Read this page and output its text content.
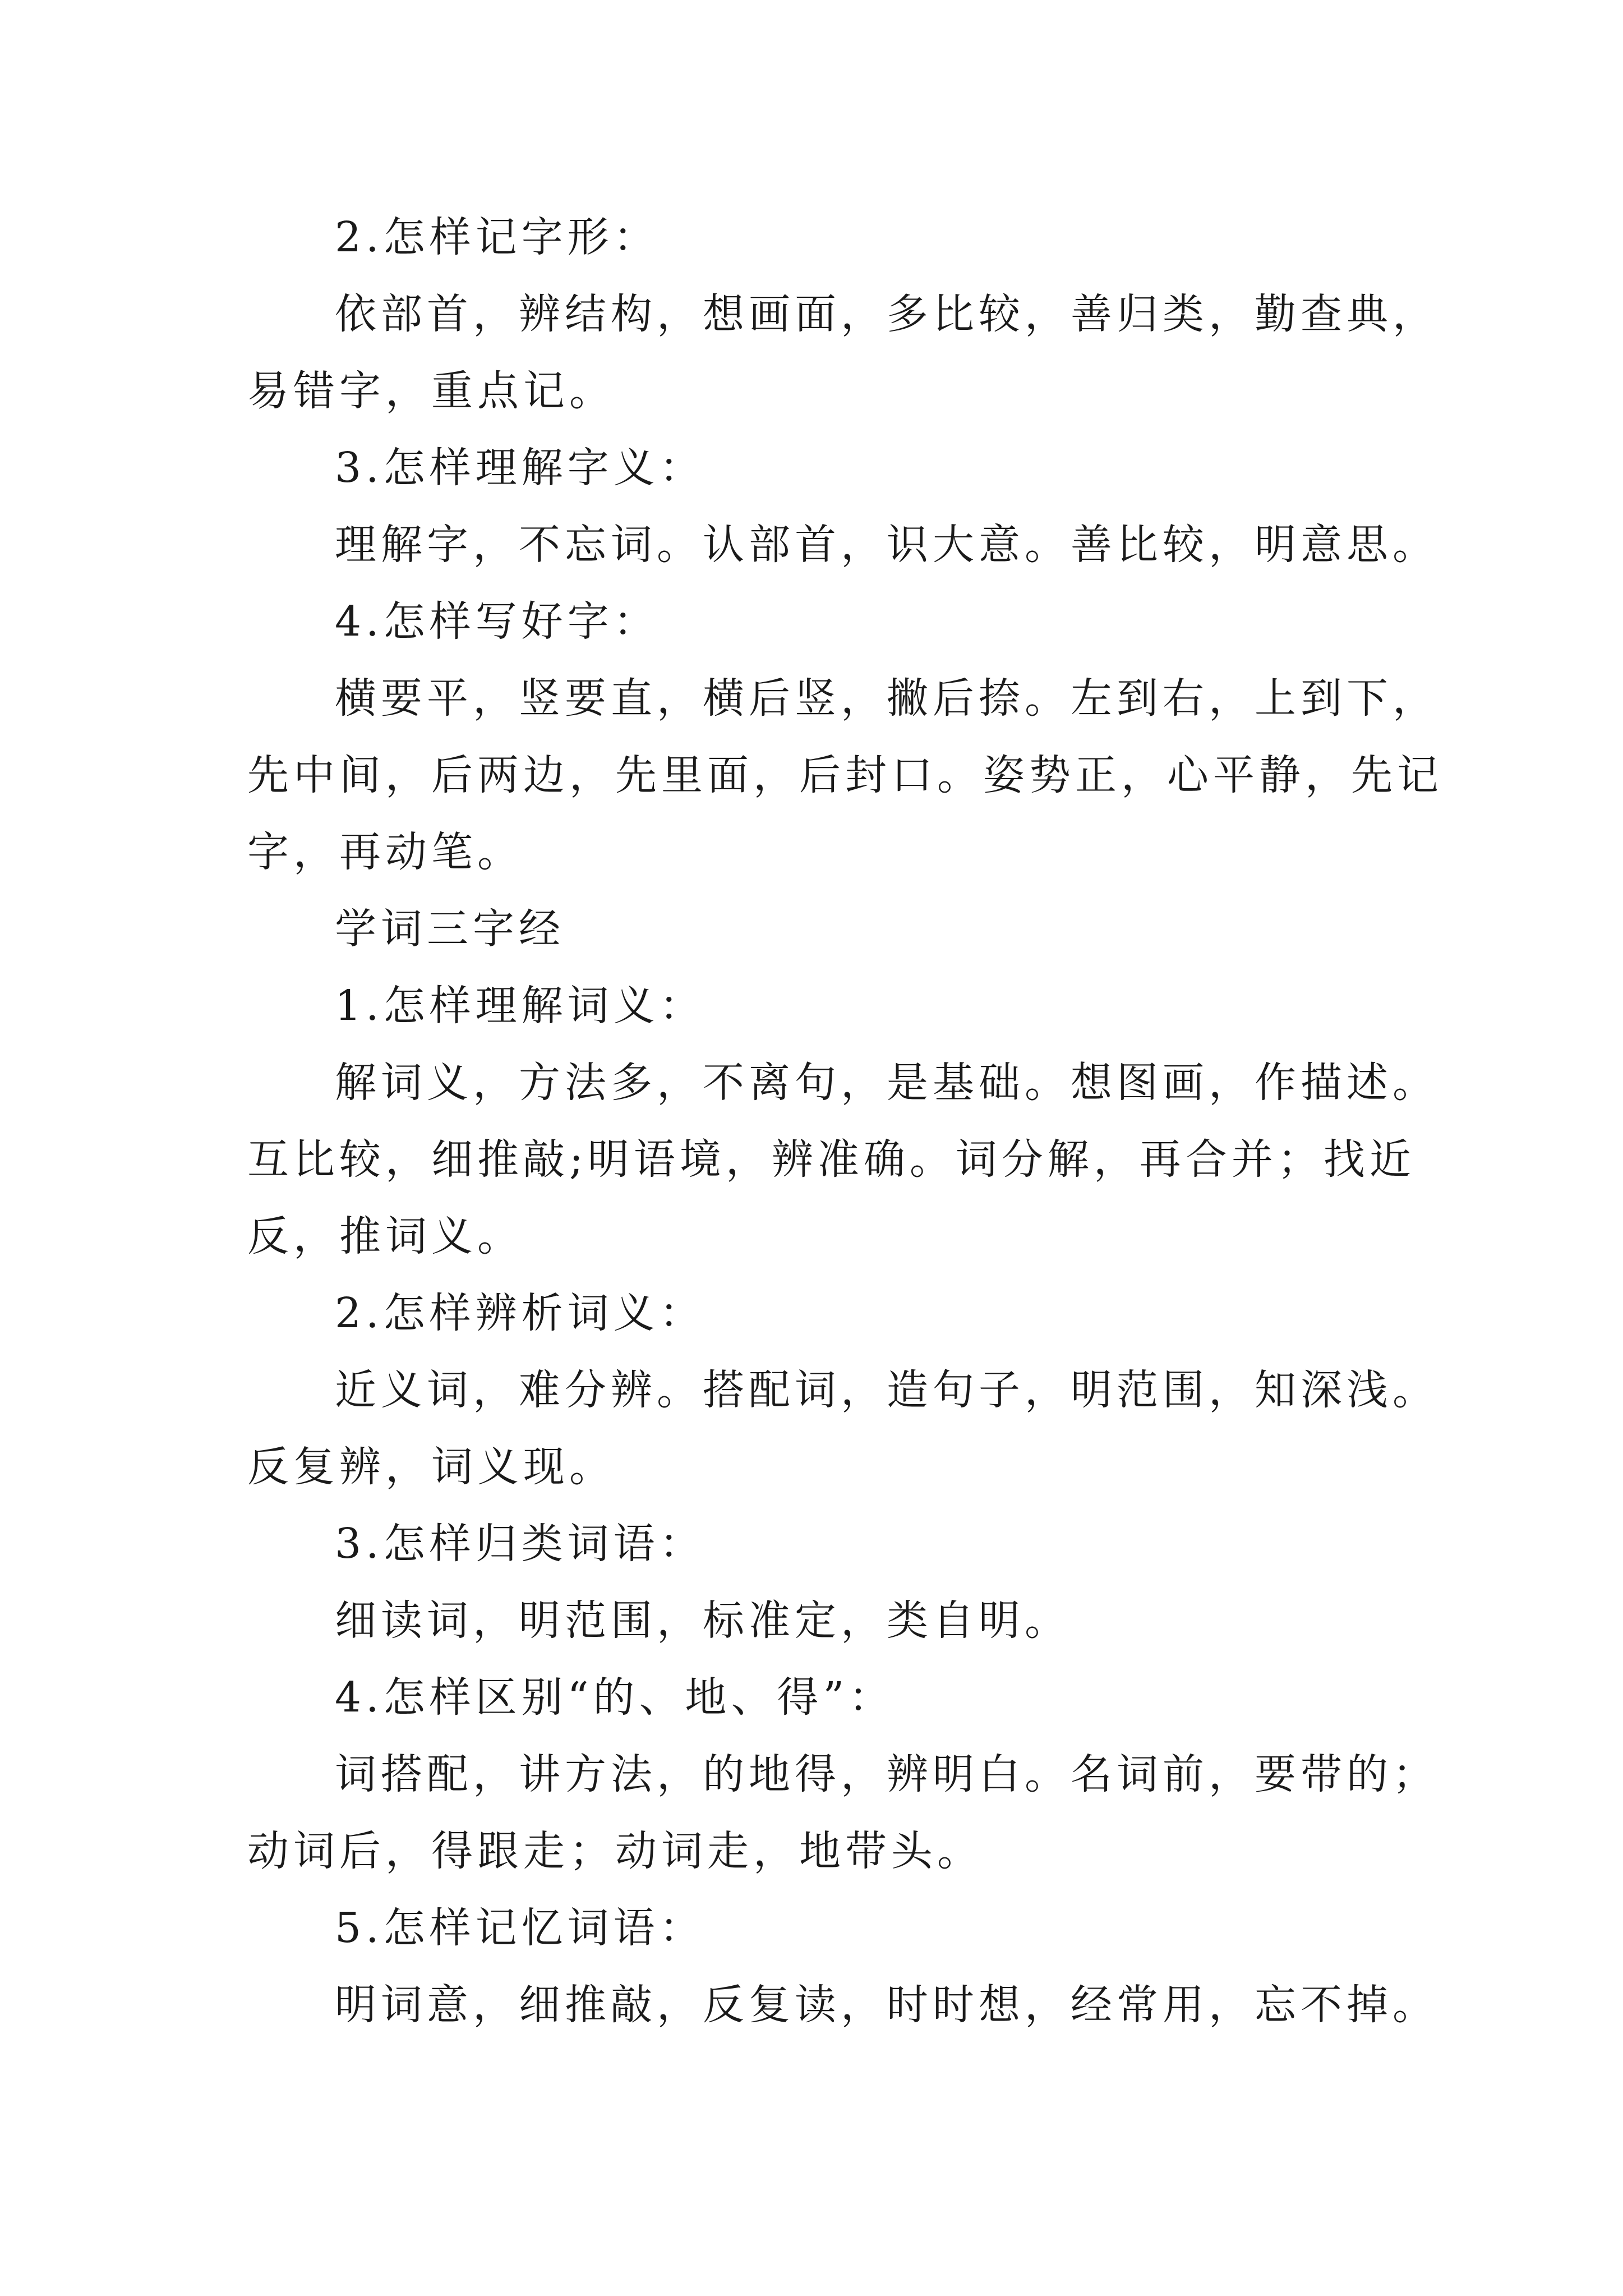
2.怎样记字形：
依部首，辨结构，想画面，多比较，善归类，勤查典，
易错字，重点记。
3.怎样理解字义：
理解字，不忘词。认部首，识大意。善比较，明意思。
4.怎样写好字：
横要平，竖要直，横后竖，撇后捺。左到右，上到下，
先中间，后两边，先里面，后封口。姿势正，心平静，先记
字，再动笔。
学词三字经
1.怎样理解词义：
解词义，方法多，不离句，是基础。想图画，作描述。
互比较，细推敲;明语境，辨准确。词分解，再合并；找近
反，推词义。
2.怎样辨析词义：
近义词，难分辨。搭配词，造句子，明范围，知深浅。
反复辨，词义现。
3.怎样归类词语：
细读词，明范围，标准定，类自明。
4.怎样区别“的、地、得”：
词搭配，讲方法，的地得，辨明白。名词前，要带的；
动词后，得跟走；动词走，地带头。
5.怎样记忆词语：
明词意，细推敲，反复读，时时想，经常用，忘不掉。
